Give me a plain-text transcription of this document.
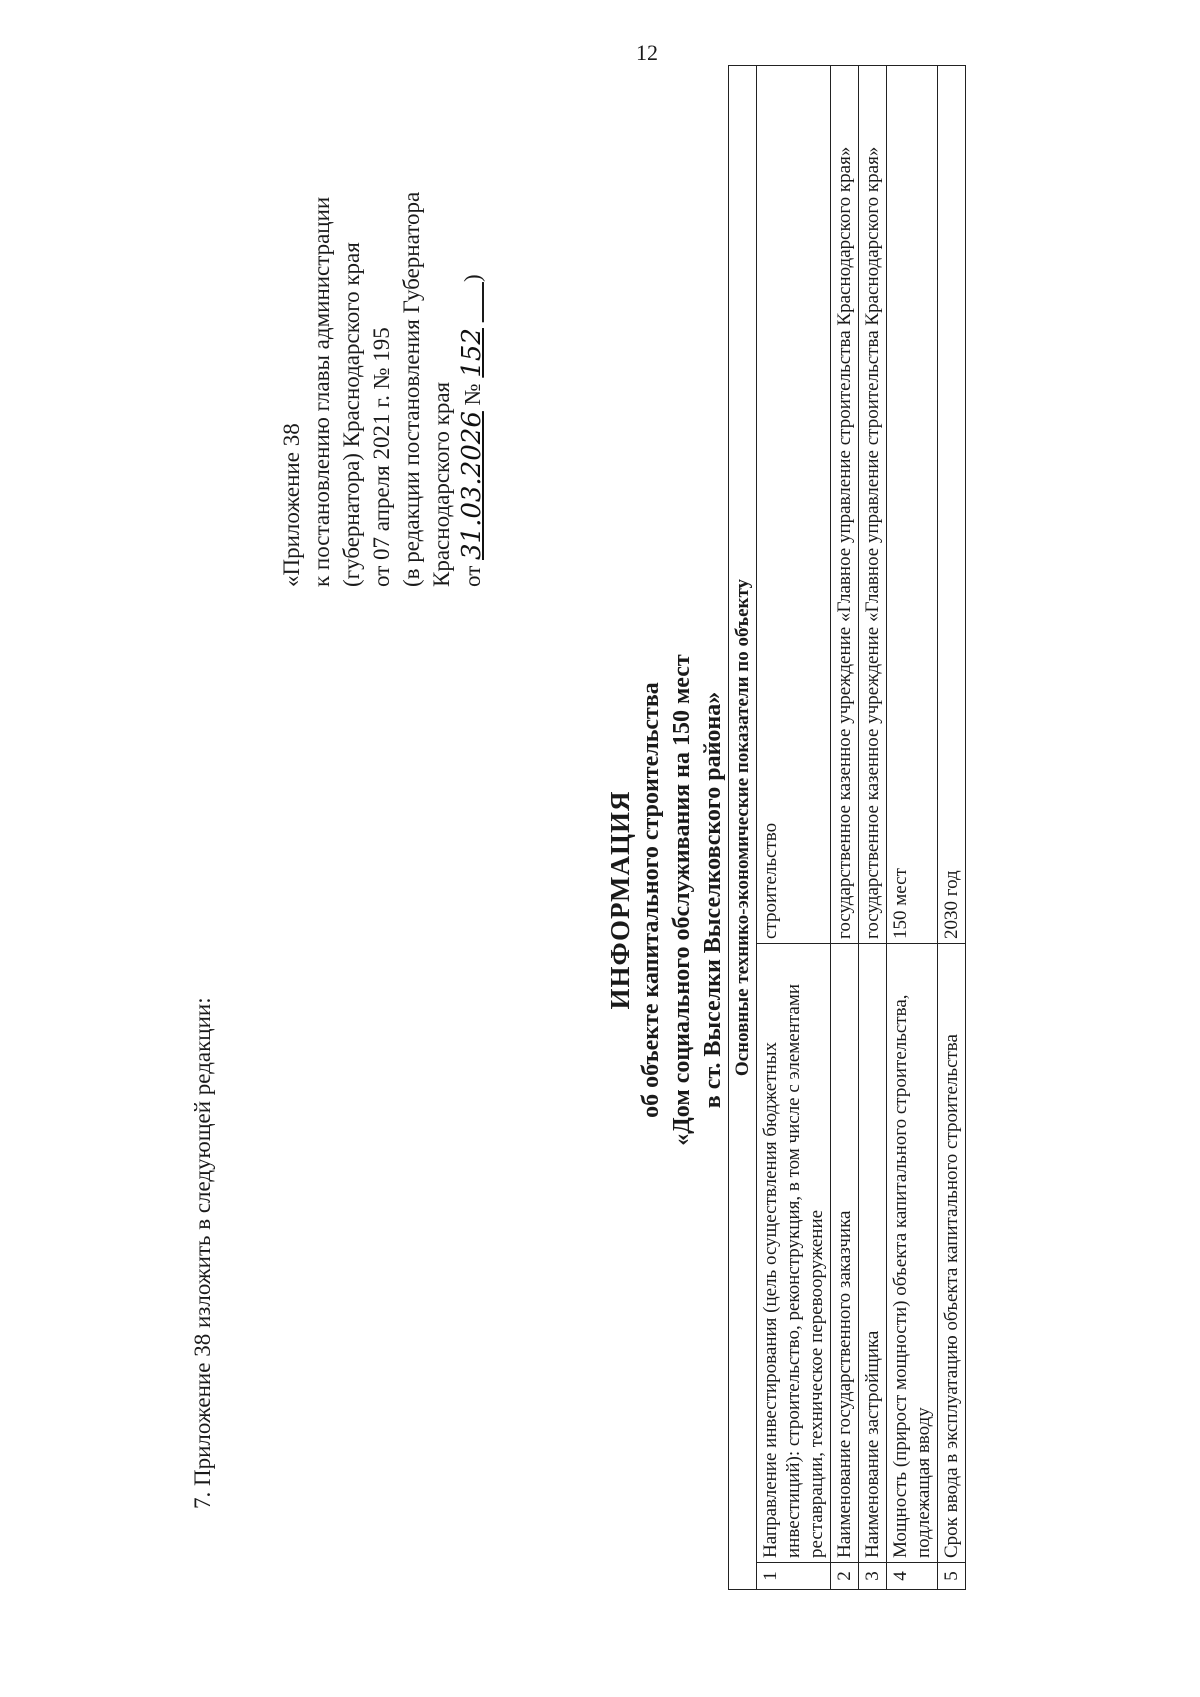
12
7. Приложение 38 изложить в следующей редакции:
«Приложение 38 к постановлению главы администрации (губернатора) Краснодарского края от 07 апреля 2021 г. № 195 (в редакции постановления Губернатора Краснодарского края от 31.03.2026 № 152        )
ИНФОРМАЦИЯ об объекте капитального строительства «Дом социального обслуживания на 150 мест в ст. Выселки Выселковского района» Основные технико-экономические показатели по объекту		
1	Направление инвестирования (цель осуществления бюджетных инвестиций): строительство, реконструкция, в том числе с элементами реставрации, техническое перевооружение	строительство
2	Наименование государственного заказчика	государственное казенное учреждение «Главное управление строительства Краснодарского края»
3	Наименование застройщика	государственное казенное учреждение «Главное управление строительства Краснодарского края»
4	Мощность (прирост мощности) объекта капитального строительства, подлежащая вводу	150 мест
5	Срок ввода в эксплуатацию объекта капитального строительства	2030 год
